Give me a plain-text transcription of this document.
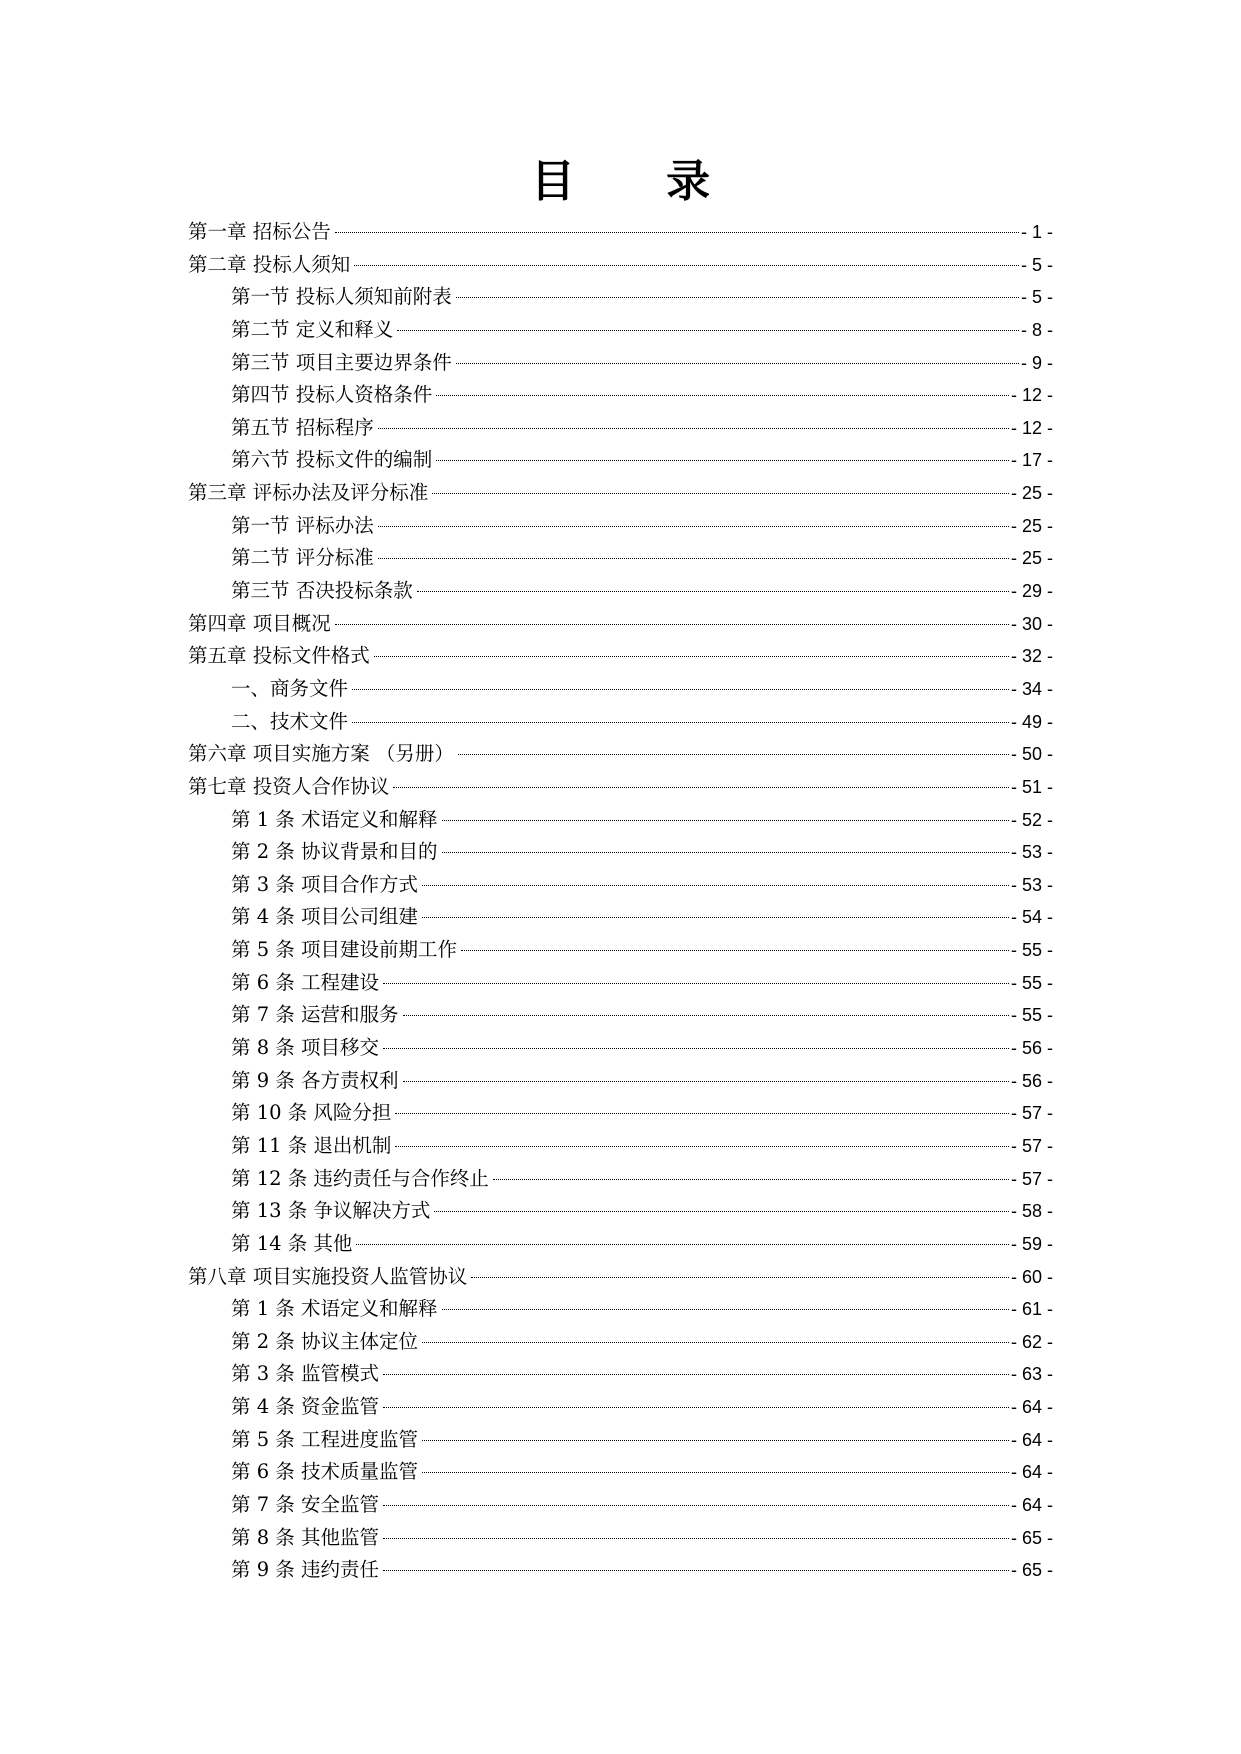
目 录
第一章 招标公告	- 1 -
第二章 投标人须知	- 5 -
第一节 投标人须知前附表	- 5 -
第二节 定义和释义	- 8 -
第三节 项目主要边界条件	- 9 -
第四节 投标人资格条件	- 12 -
第五节 招标程序	- 12 -
第六节 投标文件的编制	- 17 -
第三章 评标办法及评分标准	- 25 -
第一节 评标办法	- 25 -
第二节 评分标准	- 25 -
第三节 否决投标条款	- 29 -
第四章 项目概况	- 30 -
第五章 投标文件格式	- 32 -
一、商务文件	- 34 -
二、技术文件	- 49 -
第六章 项目实施方案 （另册）	- 50 -
第七章 投资人合作协议	- 51 -
第 1 条 术语定义和解释	- 52 -
第 2 条 协议背景和目的	- 53 -
第 3 条 项目合作方式	- 53 -
第 4 条 项目公司组建	- 54 -
第 5 条 项目建设前期工作	- 55 -
第 6 条 工程建设	- 55 -
第 7 条 运营和服务	- 55 -
第 8 条 项目移交	- 56 -
第 9 条 各方责权利	- 56 -
第 10 条 风险分担	- 57 -
第 11 条 退出机制	- 57 -
第 12 条 违约责任与合作终止	- 57 -
第 13 条 争议解决方式	- 58 -
第 14 条 其他	- 59 -
第八章 项目实施投资人监管协议	- 60 -
第 1 条 术语定义和解释	- 61 -
第 2 条 协议主体定位	- 62 -
第 3 条 监管模式	- 63 -
第 4 条 资金监管	- 64 -
第 5 条 工程进度监管	- 64 -
第 6 条 技术质量监管	- 64 -
第 7 条 安全监管	- 64 -
第 8 条 其他监管	- 65 -
第 9 条 违约责任	- 65 -
